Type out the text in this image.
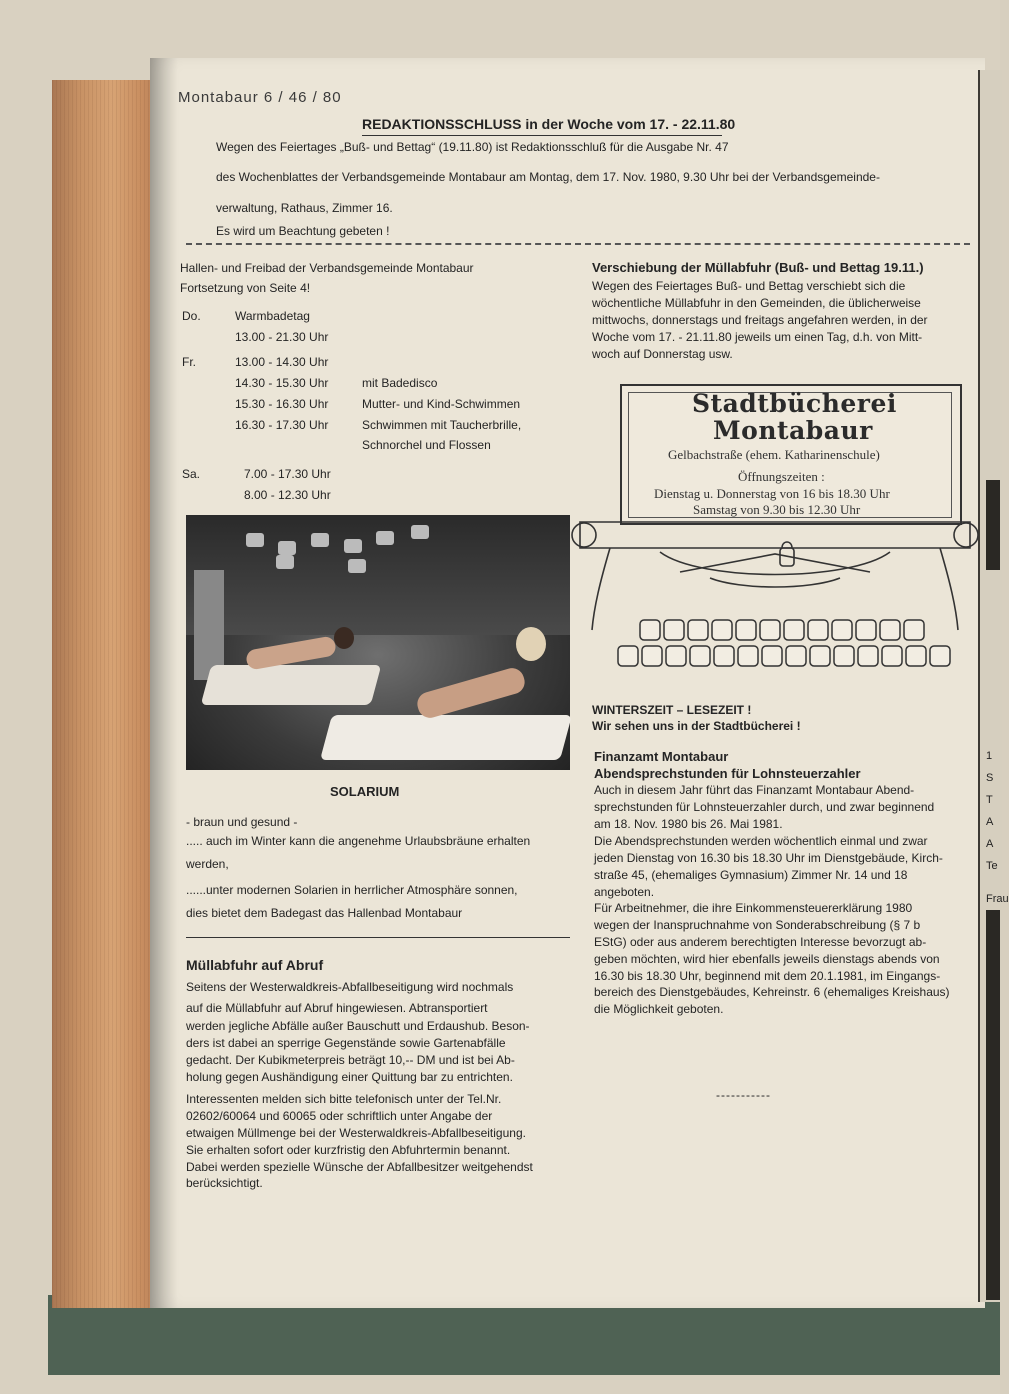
1
S
T
A
A
Te
Frau
Montabaur 6 / 46 / 80
REDAKTIONSSCHLUSS in der Woche vom 17. - 22.11.80
Wegen des Feiertages „Buß- und Bettag“ (19.11.80) ist Redaktionsschluß für die Ausgabe Nr. 47
des Wochenblattes der Verbandsgemeinde Montabaur am Montag, dem 17. Nov. 1980, 9.30 Uhr bei der Verbandsgemeinde-
verwaltung, Rathaus, Zimmer 16.
Es wird um Beachtung gebeten !
Hallen- und Freibad der Verbandsgemeinde Montabaur
Fortsetzung von Seite 4!
Do.	Warmbadetag
13.00 - 21.30 Uhr
Fr.	13.00 - 14.30 Uhr
14.30 - 15.30 Uhr	mit Badedisco
15.30 - 16.30 Uhr	Mutter- und Kind-Schwimmen
16.30 - 17.30 Uhr	Schwimmen mit Taucherbrille,
Schnorchel und Flossen
Sa.	7.00 - 17.30 Uhr
8.00 - 12.30 Uhr
SOLARIUM
- braun und gesund -
..... auch im Winter kann die angenehme Urlaubsbräune erhalten
werden,
......unter modernen Solarien in herrlicher Atmosphäre sonnen,
dies bietet dem Badegast das Hallenbad Montabaur
Müllabfuhr auf Abruf
Seitens der Westerwaldkreis-Abfallbeseitigung wird nochmals
auf die Müllabfuhr auf Abruf hingewiesen. Abtransportiert
werden jegliche Abfälle außer Bauschutt und Erdaushub. Beson-
ders ist dabei an sperrige Gegenstände sowie Gartenabfälle
gedacht. Der Kubikmeterpreis beträgt 10,-- DM und ist bei Ab-
holung gegen Aushändigung einer Quittung bar zu entrichten.
Interessenten melden sich bitte telefonisch unter der Tel.Nr.
02602/60064 und 60065 oder schriftlich unter Angabe der
etwaigen Müllmenge bei der Westerwaldkreis-Abfallbeseitigung.
Sie erhalten sofort oder kurzfristig den Abfuhrtermin benannt.
Dabei werden spezielle Wünsche der Abfallbesitzer weitgehendst
berücksichtigt.
Verschiebung der Müllabfuhr (Buß- und Bettag 19.11.)
Wegen des Feiertages Buß- und Bettag verschiebt sich die
wöchentliche Müllabfuhr in den Gemeinden, die üblicherweise
mittwochs, donnerstags und freitags angefahren werden, in der
Woche vom 17. - 21.11.80 jeweils um einen Tag, d.h. von Mitt-
woch auf Donnerstag usw.
Stadtbücherei
Montabaur
Gelbachstraße (ehem. Katharinenschule)
Öffnungszeiten :
Dienstag u. Donnerstag von 16 bis 18.30 Uhr
Samstag von 9.30 bis 12.30 Uhr
WINTERSZEIT – LESEZEIT !
Wir sehen uns in der Stadtbücherei !
Finanzamt Montabaur
Abendsprechstunden für Lohnsteuerzahler
Auch in diesem Jahr führt das Finanzamt Montabaur Abend-
sprechstunden für Lohnsteuerzahler durch, und zwar beginnend
am 18. Nov. 1980 bis 26. Mai 1981.
Die Abendsprechstunden werden wöchentlich einmal und zwar
jeden Dienstag von 16.30 bis 18.30 Uhr im Dienstgebäude, Kirch-
straße 45, (ehemaliges Gymnasium) Zimmer Nr. 14 und 18
angeboten.
Für Arbeitnehmer, die ihre Einkommensteuererklärung 1980
wegen der Inanspruchnahme von Sonderabschreibung (§ 7 b
EStG) oder aus anderem berechtigten Interesse bevorzugt ab-
geben möchten, wird hier ebenfalls jeweils dienstags abends von
16.30 bis 18.30 Uhr, beginnend mit dem 20.1.1981, im Eingangs-
bereich des Dienstgebäudes, Kehreinstr. 6 (ehemaliges Kreishaus)
die Möglichkeit geboten.
-----------
